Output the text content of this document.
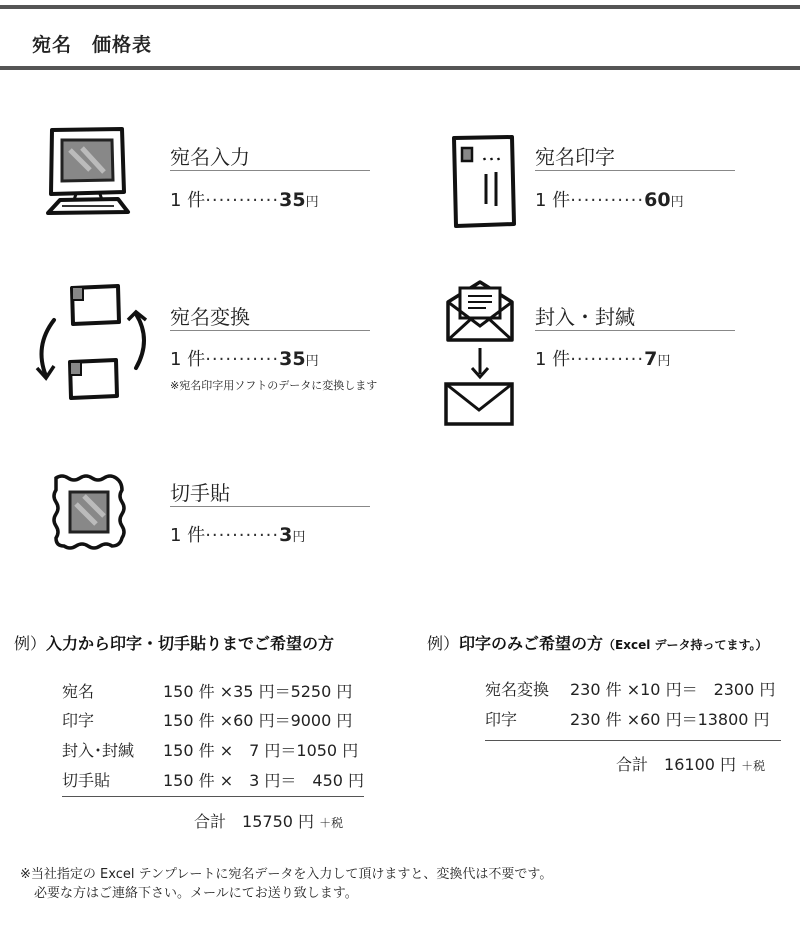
宛名　価格表
宛名入力
1 件···········35円
宛名印字
1 件···········60円
宛名変換
1 件···········35円
※宛名印字用ソフトのデータに変換します
封入・封緘
1 件···········7円
切手貼
1 件···········3円
例）入力から印字・切手貼りまでご希望の方
宛名	150 件 ×35 円＝5250 円
印字	150 件 ×60 円＝9000 円
封入･封緘 150 件 ×　7 円＝1050 円
切手貼	150 件 ×　3 円＝　450 円
合計　 15750 円 ＋税
例）印字のみご希望の方（Excel データ持ってます。）
宛名変換 230 件 ×10 円＝　2300 円
印字	230 件 ×60 円＝13800 円
合計　 16100 円 ＋税
※当社指定の Excel テンプレートに宛名データを入力して頂けますと、変換代は不要です。
必要な方はご連絡下さい。メールにてお送り致します。
